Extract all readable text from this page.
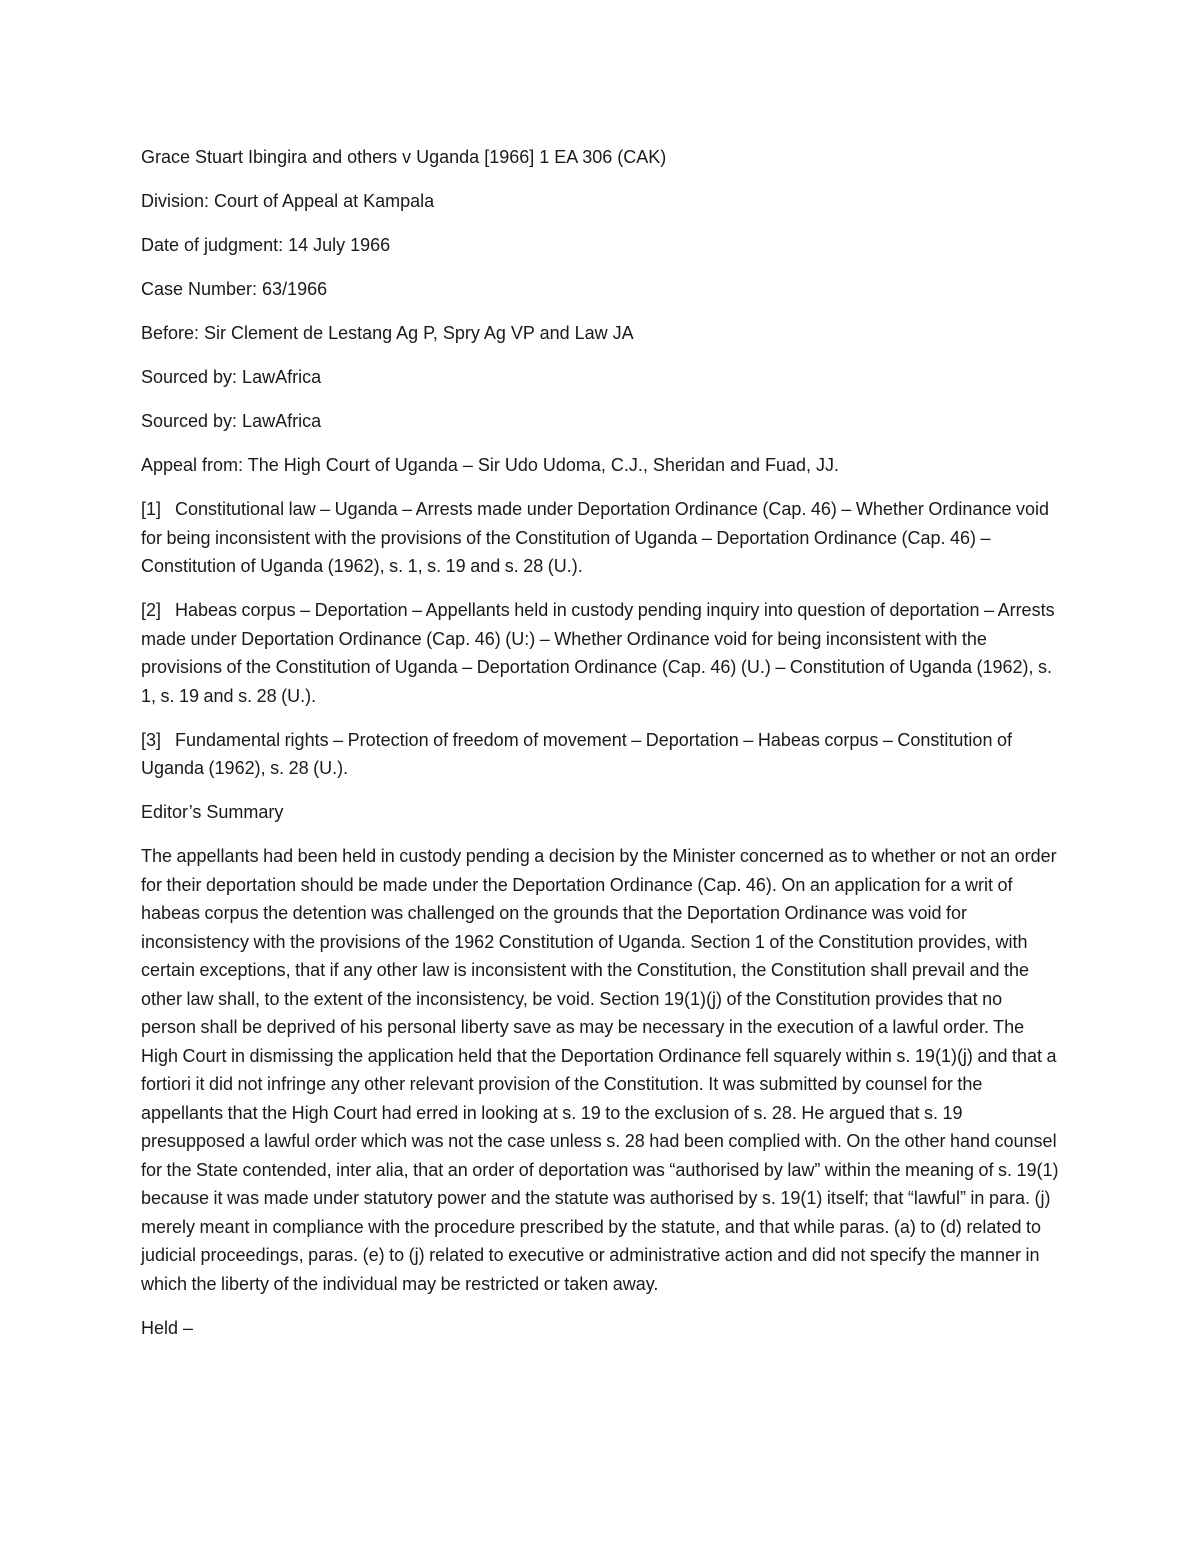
Grace Stuart Ibingira and others v Uganda [1966] 1 EA 306 (CAK)

Division: Court of Appeal at Kampala

Date of judgment: 14 July 1966

Case Number: 63/1966

Before: Sir Clement de Lestang Ag P, Spry Ag VP and Law JA

Sourced by: LawAfrica

Sourced by: LawAfrica

Appeal from: The High Court of Uganda – Sir Udo Udoma, C.J., Sheridan and Fuad, JJ.

[1] Constitutional law – Uganda – Arrests made under Deportation Ordinance (Cap. 46) – Whether Ordinance void for being inconsistent with the provisions of the Constitution of Uganda – Deportation Ordinance (Cap. 46) – Constitution of Uganda (1962), s. 1, s. 19 and s. 28 (U.).

[2] Habeas corpus – Deportation – Appellants held in custody pending inquiry into question of deportation – Arrests made under Deportation Ordinance (Cap. 46) (U:) – Whether Ordinance void for being inconsistent with the provisions of the Constitution of Uganda – Deportation Ordinance (Cap. 46) (U.) – Constitution of Uganda (1962), s. 1, s. 19 and s. 28 (U.).

[3] Fundamental rights – Protection of freedom of movement – Deportation – Habeas corpus – Constitution of Uganda (1962), s. 28 (U.).

Editor’s Summary

The appellants had been held in custody pending a decision by the Minister concerned as to whether or not an order for their deportation should be made under the Deportation Ordinance (Cap. 46). On an application for a writ of habeas corpus the detention was challenged on the grounds that the Deportation Ordinance was void for inconsistency with the provisions of the 1962 Constitution of Uganda. Section 1 of the Constitution provides, with certain exceptions, that if any other law is inconsistent with the Constitution, the Constitution shall prevail and the other law shall, to the extent of the inconsistency, be void. Section 19(1)(j) of the Constitution provides that no person shall be deprived of his personal liberty save as may be necessary in the execution of a lawful order. The High Court in dismissing the application held that the Deportation Ordinance fell squarely within s. 19(1)(j) and that a fortiori it did not infringe any other relevant provision of the Constitution. It was submitted by counsel for the appellants that the High Court had erred in looking at s. 19 to the exclusion of s. 28. He argued that s. 19 presupposed a lawful order which was not the case unless s. 28 had been complied with. On the other hand counsel for the State contended, inter alia, that an order of deportation was “authorised by law” within the meaning of s. 19(1) because it was made under statutory power and the statute was authorised by s. 19(1) itself; that “lawful” in para. (j) merely meant in compliance with the procedure prescribed by the statute, and that while paras. (a) to (d) related to judicial proceedings, paras. (e) to (j) related to executive or administrative action and did not specify the manner in which the liberty of the individual may be restricted or taken away.

Held –
